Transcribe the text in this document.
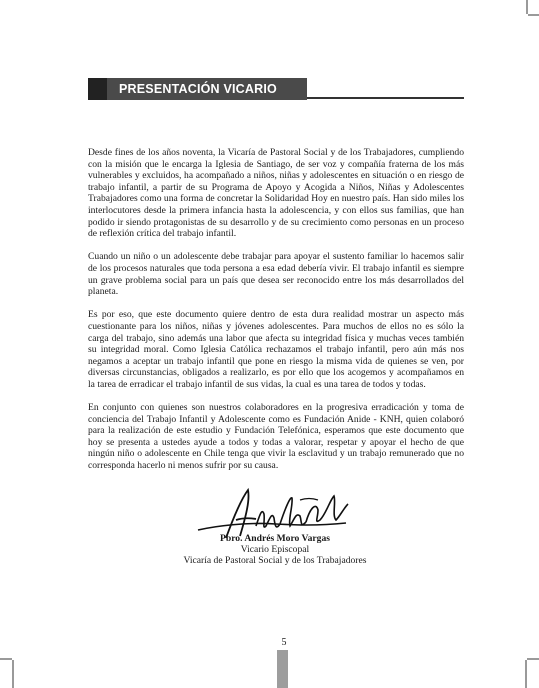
PRESENTACIÓN VICARIO

Desde fines de los años noventa, la Vicaría de Pastoral Social y de los Trabajadores, cumpliendo con la misión que le encarga la Iglesia de Santiago, de ser voz y compañía fraterna de los más vulnerables y excluidos, ha acompañado a niños, niñas y adolescentes en situación o en riesgo de trabajo infantil, a partir de su Programa de Apoyo y Acogida a Niños, Niñas y Adolescentes Trabajadores como una forma de concretar la Solidaridad Hoy en nuestro país. Han sido miles los interlocutores desde la primera infancia hasta la adolescencia, y con ellos sus familias, que han podido ir siendo protagonistas de su desarrollo y de su crecimiento como personas en un proceso de reflexión crítica del trabajo infantil.

Cuando un niño o un adolescente debe trabajar para apoyar el sustento familiar lo hacemos salir de los procesos naturales que toda persona a esa edad debería vivir. El trabajo infantil es siempre un grave problema social para un país que desea ser reconocido entre los más desarrollados del planeta.

Es por eso, que este documento quiere dentro de esta dura realidad mostrar un aspecto más cuestionante para los niños, niñas y jóvenes adolescentes. Para muchos de ellos no es sólo la carga del trabajo, sino además una labor que afecta su integridad física y muchas veces también su integridad moral. Como Iglesia Católica rechazamos el trabajo infantil, pero aún más nos negamos a aceptar un trabajo infantil que pone en riesgo la misma vida de quienes se ven, por diversas circunstancias, obligados a realizarlo, es por ello que los acogemos y acompañamos en la tarea de erradicar el trabajo infantil de sus vidas, la cual es una tarea de todos y todas.

En conjunto con quienes son nuestros colaboradores en la progresiva erradicación y toma de conciencia del Trabajo Infantil y Adolescente como es Fundación Anide - KNH, quien colaboró para la realización de este estudio y Fundación Telefónica, esperamos que este documento que hoy se presenta a ustedes ayude a todos y todas a valorar, respetar y apoyar el hecho de que ningún niño o adolescente en Chile tenga que vivir la esclavitud y un trabajo remunerado que no corresponda hacerlo ni menos sufrir por su causa.

Pbro. Andrés Moro Vargas
Vicario Episcopal
Vicaría de Pastoral Social y de los Trabajadores
5
